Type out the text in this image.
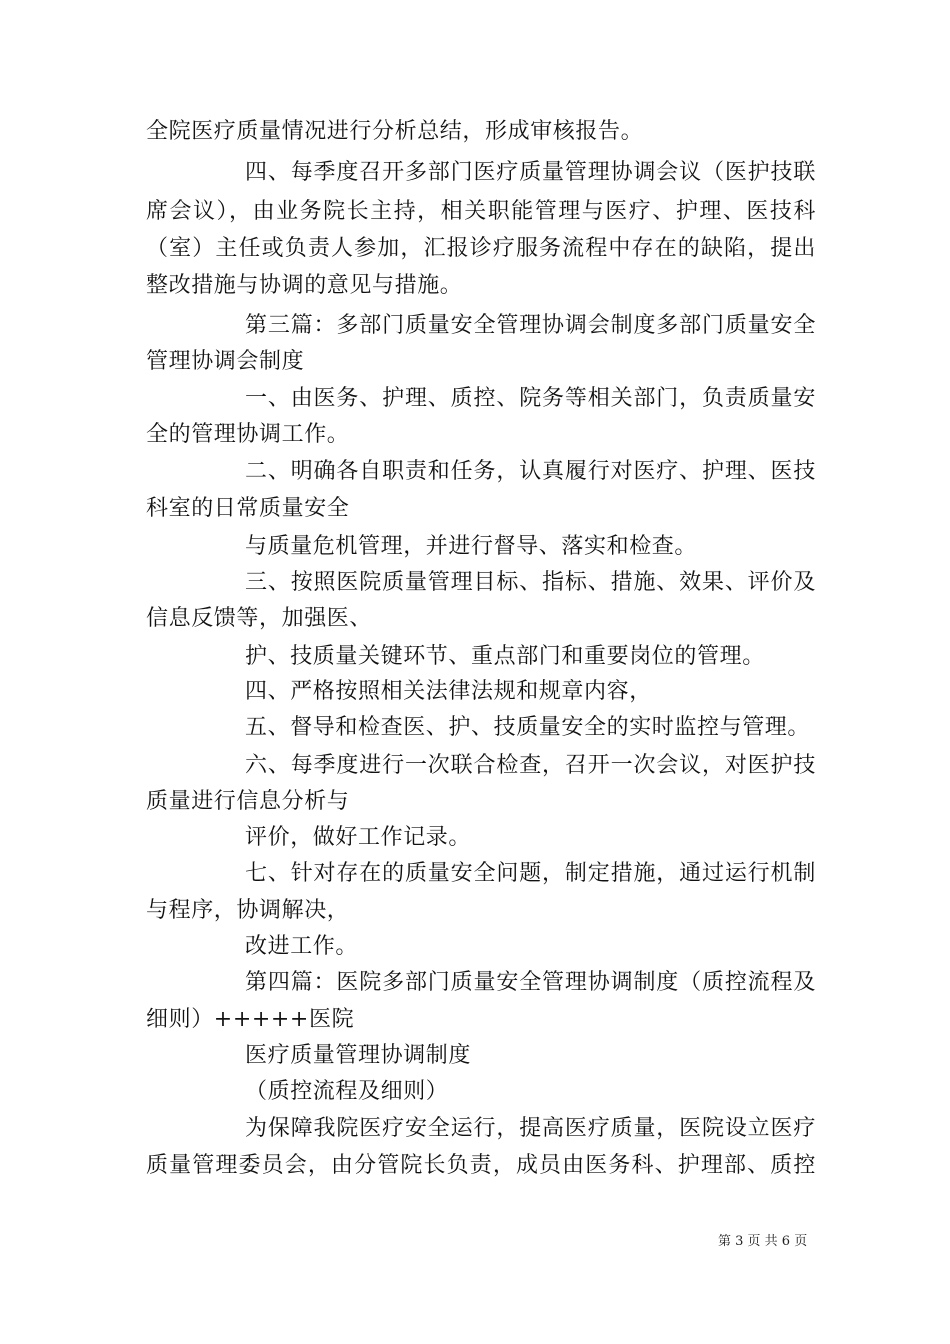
全院医疗质量情况进行分析总结，形成审核报告。
四、每季度召开多部门医疗质量管理协调会议（医护技联
席会议），由业务院长主持，相关职能管理与医疗、护理、医技科
（室）主任或负责人参加，汇报诊疗服务流程中存在的缺陷，提出
整改措施与协调的意见与措施。
第三篇：多部门质量安全管理协调会制度多部门质量安全
管理协调会制度
一、由医务、护理、质控、院务等相关部门，负责质量安
全的管理协调工作。
二、明确各自职责和任务，认真履行对医疗、护理、医技
科室的日常质量安全
与质量危机管理，并进行督导、落实和检查。
三、按照医院质量管理目标、指标、措施、效果、评价及
信息反馈等，加强医、
护、技质量关键环节、重点部门和重要岗位的管理。
四、严格按照相关法律法规和规章内容，
五、督导和检查医、护、技质量安全的实时监控与管理。
六、每季度进行一次联合检查，召开一次会议，对医护技
质量进行信息分析与
评价，做好工作记录。
七、针对存在的质量安全问题，制定措施，通过运行机制
与程序，协调解决，
改进工作。
第四篇：医院多部门质量安全管理协调制度（质控流程及
细则）+++++医院
医疗质量管理协调制度
（质控流程及细则）
为保障我院医疗安全运行，提高医疗质量，医院设立医疗
质量管理委员会，由分管院长负责，成员由医务科、护理部、质控
第 3 页 共 6 页
